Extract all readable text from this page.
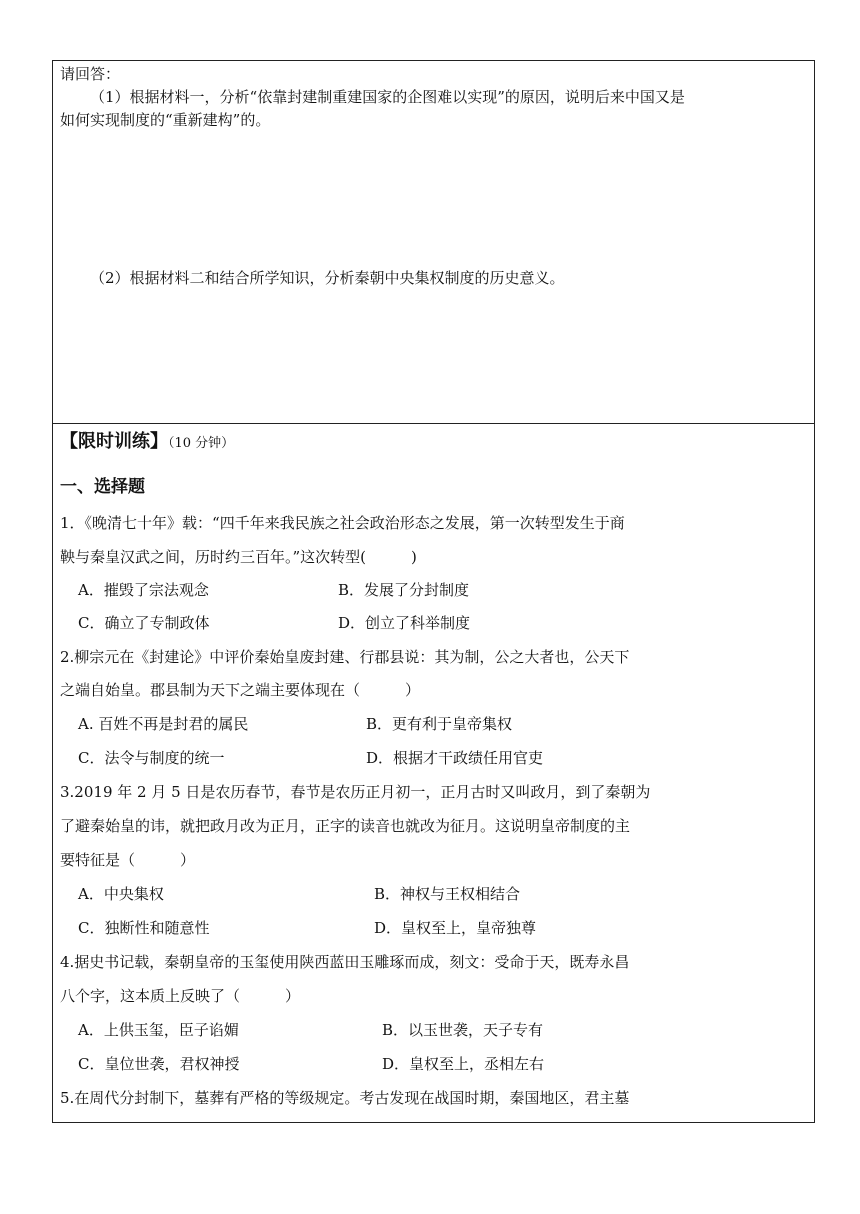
请回答：
（1）根据材料一，分析“依靠封建制重建国家的企图难以实现”的原因，说明后来中国又是
如何实现制度的“重新建构”的。
（2）根据材料二和结合所学知识，分析秦朝中央集权制度的历史意义。
【限时训练】（10 分钟）
一、选择题
1．《晚清七十年》载：“四千年来我民族之社会政治形态之发展，第一次转型发生于商
鞅与秦皇汉武之间，历时约三百年。”这次转型(　　　)
A．摧毁了宗法观念	B．发展了分封制度
C．确立了专制政体	D．创立了科举制度
2.柳宗元在《封建论》中评价秦始皇废封建、行郡县说：其为制，公之大者也，公天下
之端自始皇。郡县制为天下之端主要体现在（　　　）
A. 百姓不再是封君的属民	B．更有利于皇帝集权
C．法令与制度的统一	D．根据才干政绩任用官吏
3.2019 年 2 月 5 日是农历春节，春节是农历正月初一，正月古时又叫政月，到了秦朝为
了避秦始皇的讳，就把政月改为正月，正字的读音也就改为征月。这说明皇帝制度的主
要特征是（　　　）
A．中央集权	B．神权与王权相结合
C．独断性和随意性	D．皇权至上，皇帝独尊
4.据史书记载，秦朝皇帝的玉玺使用陕西蓝田玉雕琢而成，刻文：受命于天，既寿永昌
八个字，这本质上反映了（　　　）
A．上供玉玺，臣子谄媚	B．以玉世袭，天子专有
C．皇位世袭，君权神授	D．皇权至上，丞相左右
5.在周代分封制下，墓葬有严格的等级规定。考古发现在战国时期，秦国地区，君主墓
